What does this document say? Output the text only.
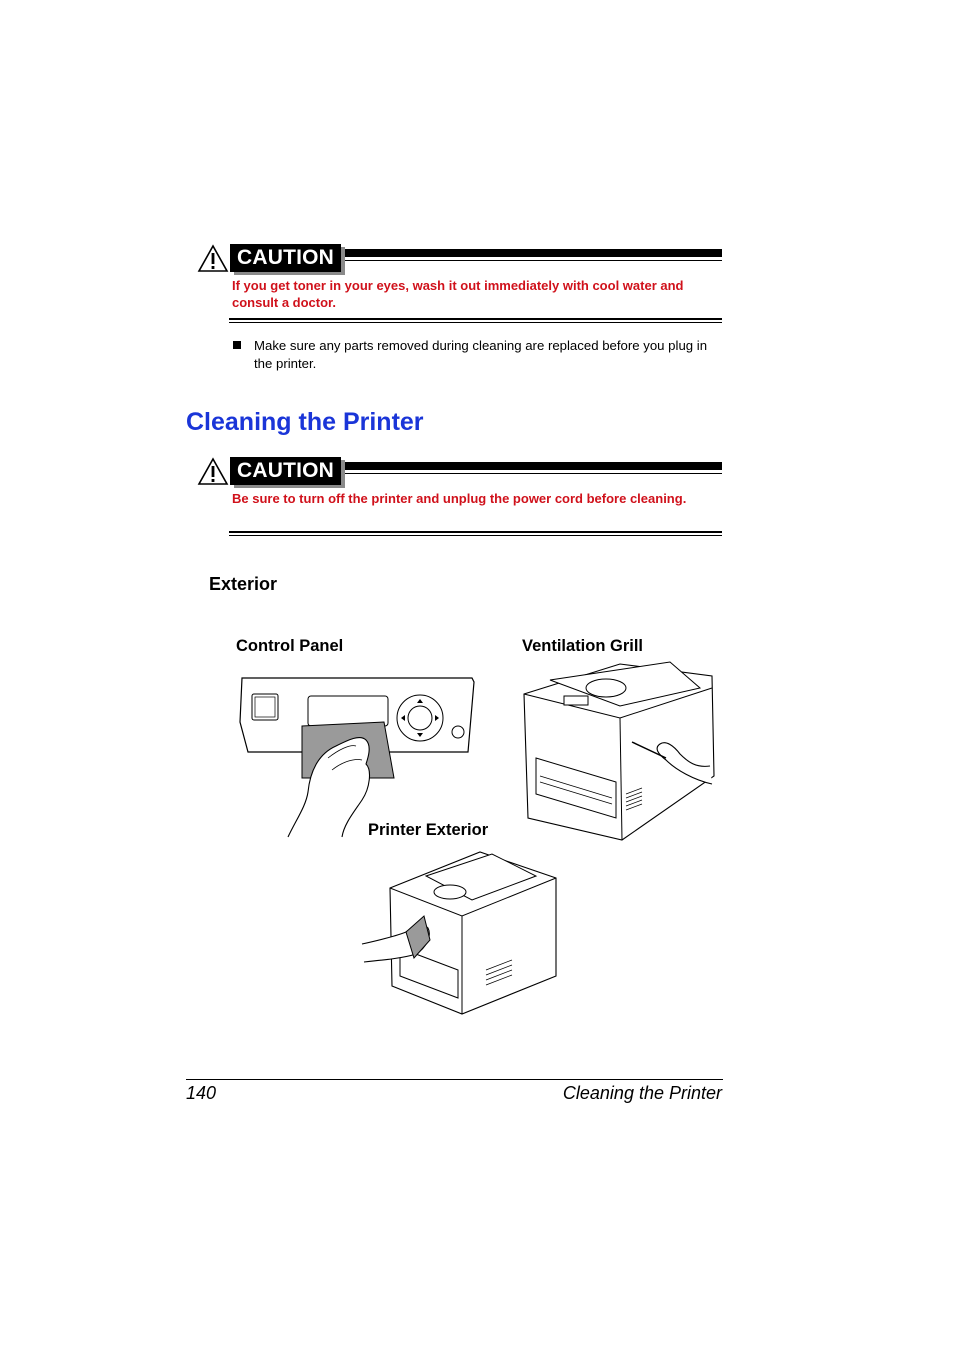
CAUTION
If you get toner in your eyes, wash it out immediately with cool water and consult a doctor.
Make sure any parts removed during cleaning are replaced before you plug in the printer.
Cleaning the Printer
CAUTION
Be sure to turn off the printer and unplug the power cord before cleaning.
Exterior
Control Panel	Ventilation Grill
Printer Exterior
140	Cleaning the Printer
